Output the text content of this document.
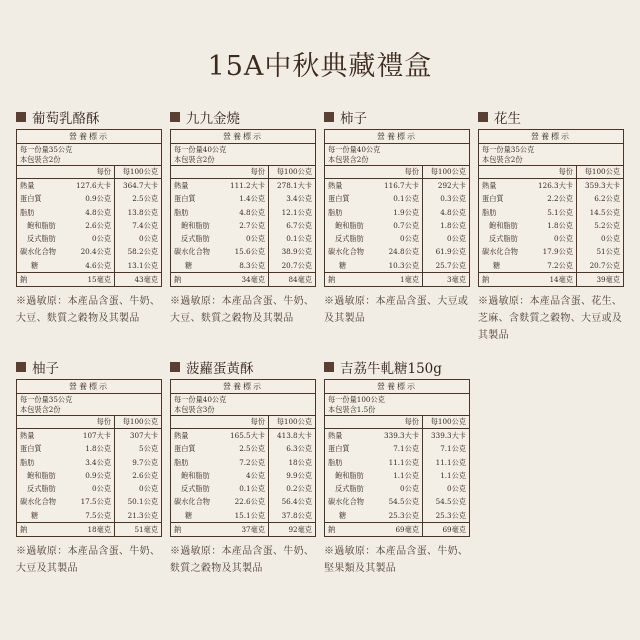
15A中秋典藏禮盒
葡萄乳酪酥
營養標示
每一份量35公克
本包裝含2份
每份	每100公克
熱量	127.6大卡	364.7大卡
蛋白質	0.9公克	2.5公克
脂肪	4.8公克	13.8公克
飽和脂肪	2.6公克	7.4公克
反式脂肪	0公克	0公克
碳水化合物	20.4公克	58.2公克
糖	4.6公克	13.1公克
鈉	15毫克	43毫克
※過敏原：本產品含蛋、牛奶、大豆、麩質之穀物及其製品
九九金燒
營養標示
每一份量40公克
本包裝含2份
每份	每100公克
熱量	111.2大卡	278.1大卡
蛋白質	1.4公克	3.4公克
脂肪	4.8公克	12.1公克
飽和脂肪	2.7公克	6.7公克
反式脂肪	0公克	0.1公克
碳水化合物	15.6公克	38.9公克
糖	8.3公克	20.7公克
鈉	34毫克	84毫克
※過敏原：本產品含蛋、牛奶、大豆、麩質之穀物及其製品
柿子
營養標示
每一份量40公克
本包裝含2份
每份	每100公克
熱量	116.7大卡	292大卡
蛋白質	0.1公克	0.3公克
脂肪	1.9公克	4.8公克
飽和脂肪	0.7公克	1.8公克
反式脂肪	0公克	0公克
碳水化合物	24.8公克	61.9公克
糖	10.3公克	25.7公克
鈉	1毫克	3毫克
※過敏原：本產品含蛋、大豆或及其製品
花生
營養標示
每一份量35公克
本包裝含2份
每份	每100公克
熱量	126.3大卡	359.3大卡
蛋白質	2.2公克	6.2公克
脂肪	5.1公克	14.5公克
飽和脂肪	1.8公克	5.2公克
反式脂肪	0公克	0公克
碳水化合物	17.9公克	51公克
糖	7.2公克	20.7公克
鈉	14毫克	39毫克
※過敏原：本產品含蛋、花生、芝麻、含麩質之穀物、大豆或及其製品
柚子
營養標示
每一份量35公克
本包裝含2份
每份	每100公克
熱量	107大卡	307大卡
蛋白質	1.8公克	5公克
脂肪	3.4公克	9.7公克
飽和脂肪	0.9公克	2.6公克
反式脂肪	0公克	0公克
碳水化合物	17.5公克	50.1公克
糖	7.5公克	21.3公克
鈉	18毫克	51毫克
※過敏原：本產品含蛋、牛奶、大豆及其製品
菠蘿蛋黃酥
營養標示
每一份量40公克
本包裝含3份
每份	每100公克
熱量	165.5大卡	413.8大卡
蛋白質	2.5公克	6.3公克
脂肪	7.2公克	18公克
飽和脂肪	4公克	9.9公克
反式脂肪	0.1公克	0.2公克
碳水化合物	22.6公克	56.4公克
糖	15.1公克	37.8公克
鈉	37毫克	92毫克
※過敏原：本產品含蛋、牛奶、麩質之穀物及其製品
吉荔牛軋糖150g
營養標示
每一份量100公克
本包裝含1.5份
每份	每100公克
熱量	339.3大卡	339.3大卡
蛋白質	7.1公克	7.1公克
脂肪	11.1公克	11.1公克
飽和脂肪	1.1公克	1.1公克
反式脂肪	0公克	0公克
碳水化合物	54.5公克	54.5公克
糖	25.3公克	25.3公克
鈉	69毫克	69毫克
※過敏原：本產品含蛋、牛奶、堅果類及其製品
